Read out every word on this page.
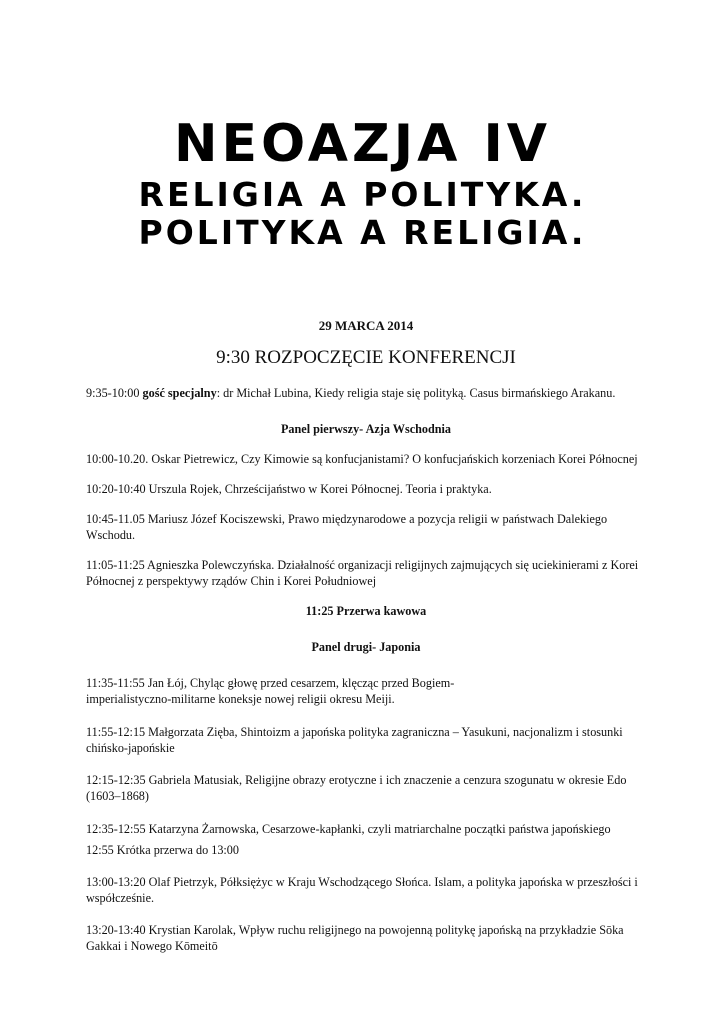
NEOAZJA IV
RELIGIA A POLITYKA.
POLITYKA A RELIGIA.
29 MARCA 2014
9:30 ROZPOCZĘCIE KONFERENCJI

9:35-10:00 gość specjalny: dr Michał Lubina, Kiedy religia staje się polityką. Casus birmańskiego Arakanu.

Panel pierwszy- Azja Wschodnia

10:00-10.20. Oskar Pietrewicz, Czy Kimowie są konfucjanistami? O konfucjańskich korzeniach Korei Północnej

10:20-10:40 Urszula Rojek, Chrześcijaństwo w Korei Północnej. Teoria i praktyka.

10:45-11.05 Mariusz Józef Kociszewski, Prawo międzynarodowe a pozycja religii w państwach Dalekiego Wschodu.

11:05-11:25 Agnieszka Polewczyńska. Działalność organizacji religijnych zajmujących się uciekinierami z Korei Północnej z perspektywy rządów Chin i Korei Południowej

11:25 Przerwa kawowa

Panel drugi- Japonia

11:35-11:55 Jan Łój, Chyląc głowę przed cesarzem, klęcząc przed Bogiem-
imperialistyczno-militarne koneksje nowej religii okresu Meiji.

11:55-12:15 Małgorzata Zięba, Shintoizm a japońska polityka zagraniczna – Yasukuni, nacjonalizm i stosunki chińsko-japońskie

12:15-12:35 Gabriela Matusiak, Religijne obrazy erotyczne i ich znaczenie a cenzura szogunatu w okresie Edo (1603–1868)

12:35-12:55 Katarzyna Żarnowska, Cesarzowe-kapłanki, czyli matriarchalne początki państwa japońskiego

12:55 Krótka przerwa do 13:00

13:00-13:20 Olaf Pietrzyk, Półksiężyc w Kraju Wschodzącego Słońca. Islam, a polityka japońska w przeszłości i współcześnie.

13:20-13:40 Krystian Karolak, Wpływ ruchu religijnego na powojenną politykę japońską na przykładzie Sōka Gakkai i Nowego Kōmeitō
